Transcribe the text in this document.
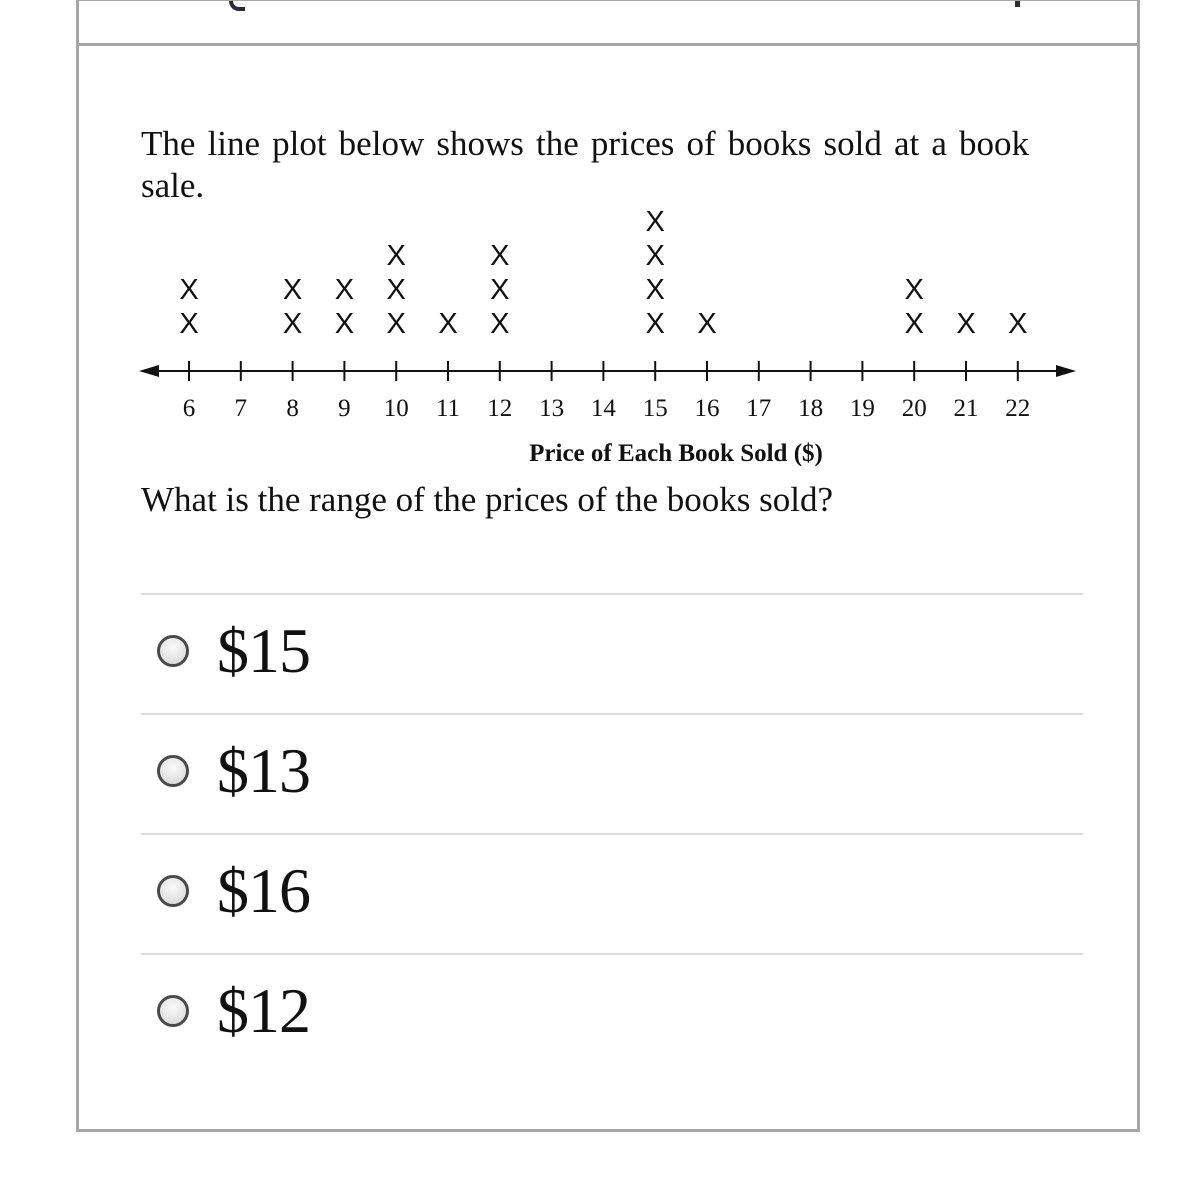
The line plot below shows the prices of books sold at a book sale.
6 7 8 9 10 11 12 13 14 15 16 17 18 19 20 21 22
X
X
X
X
X
X
X
X
X
X X
X
X
X
X
X
X
X	X
X
X X
Price of Each Book Sold ($)
What is the range of the prices of the books sold?
$15
$13
$16
$12
